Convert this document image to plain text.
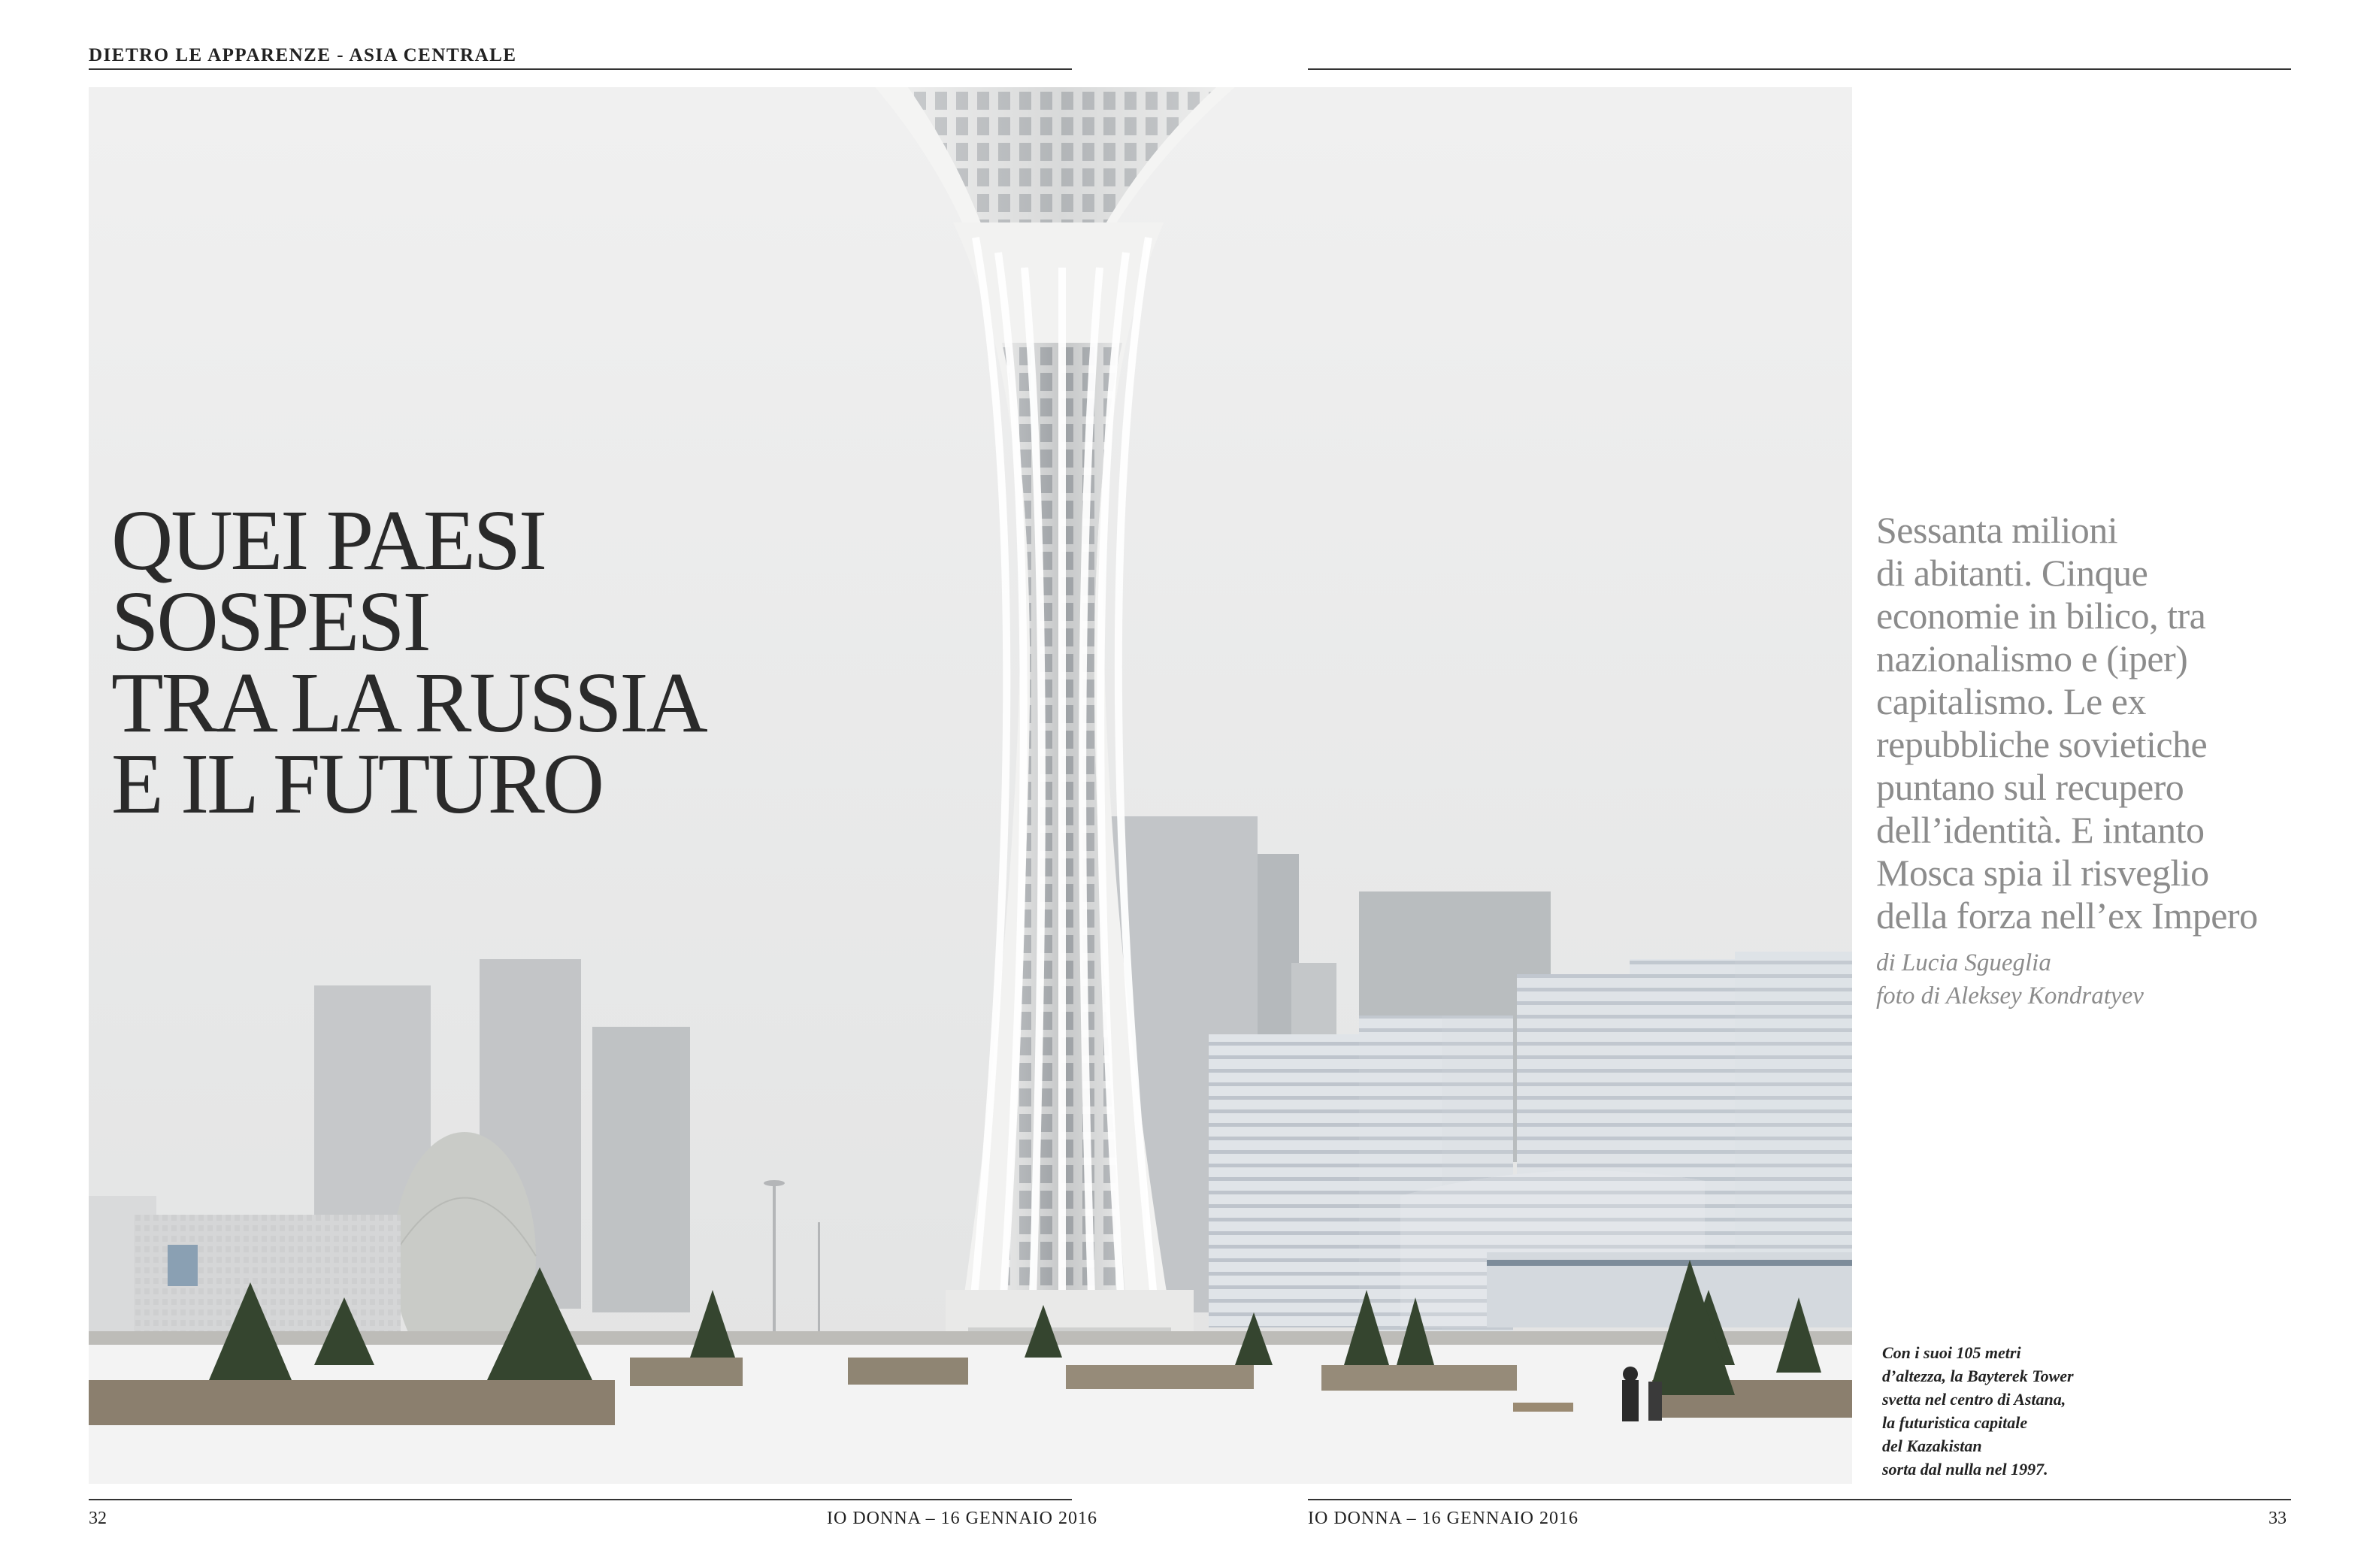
DIETRO LE APPARENZE - ASIA CENTRALE
QUEI PAESI
SOSPESI
TRA LA RUSSIA
E IL FUTURO
Sessanta milioni
di abitanti. Cinque
economie in bilico, tra
nazionalismo e (iper)
capitalismo. Le ex
repubbliche sovietiche
puntano sul recupero
dell’identità. E intanto
Mosca spia il risveglio
della forza nell’ex Impero
di Lucia Sgueglia
foto di Aleksey Kondratyev
Con i suoi 105 metri
d’altezza, la Bayterek Tower
svetta nel centro di Astana,
la futuristica capitale
del Kazakistan
sorta dal nulla nel 1997.
32	IO DONNA – 16 GENNAIO 2016	IO DONNA – 16 GENNAIO 2016	33
